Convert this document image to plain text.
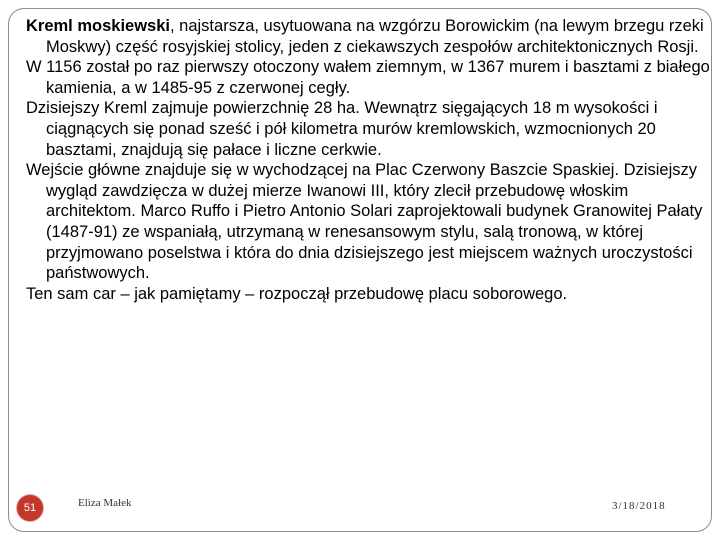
Kreml moskiewski, najstarsza, usytuowana na wzgórzu Borowickim (na lewym brzegu rzeki Moskwy) część rosyjskiej stolicy, jeden z ciekawszych zespołów architektonicznych Rosji.

W 1156 został po raz pierwszy otoczony wałem ziemnym, w 1367 murem i basztami z białego kamienia, a w 1485-95 z czerwonej cegły.

Dzisiejszy Kreml zajmuje powierzchnię 28 ha. Wewnątrz sięgających 18 m wysokości i ciągnących się ponad sześć i pół kilometra murów kremlowskich, wzmocnionych 20 basztami, znajdują się pałace i liczne cerkwie.

Wejście główne znajduje się w wychodzącej na Plac Czerwony Baszcie Spaskiej. Dzisiejszy wygląd zawdzięcza w dużej mierze Iwanowi III, który zlecił przebudowę włoskim architektom. Marco Ruffo i Pietro Antonio Solari zaprojektowali budynek Granowitej Pałaty (1487-91) ze wspaniałą, utrzymaną w renesansowym stylu, salą tronową, w której przyjmowano poselstwa i która do dnia dzisiejszego jest miejscem ważnych uroczystości państwowych.

Ten sam car – jak pamiętamy – rozpoczął przebudowę placu soborowego.

51	Eliza Małek	3/18/2018
